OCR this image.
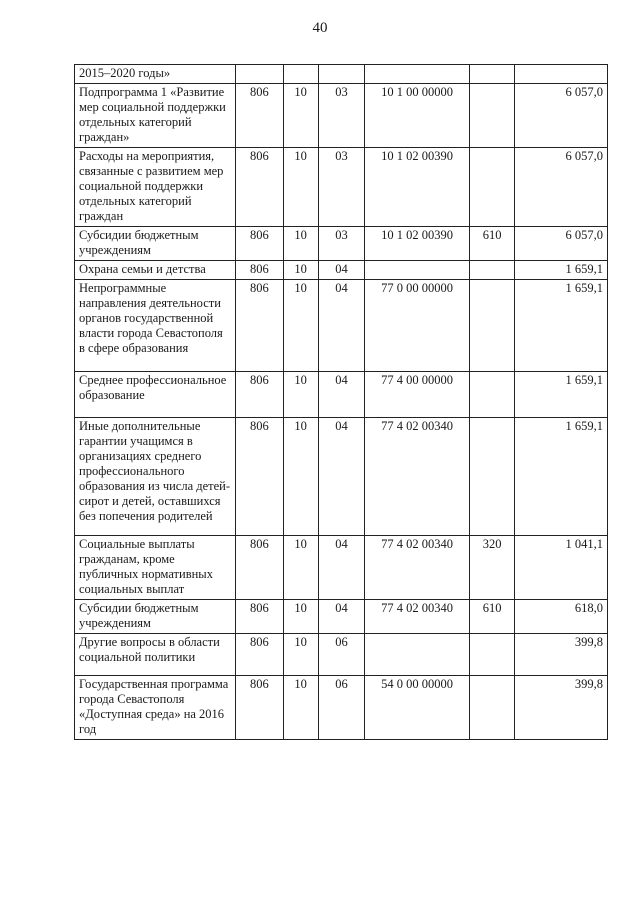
40
2015–2020 годы»						
Подпрограмма 1 «Развитие мер социальной поддержки отдельных категорий граждан»	806	10	03	10 1 00 00000		6 057,0
Расходы на мероприятия, связанные с развитием мер социальной поддержки отдельных категорий граждан	806	10	03	10 1 02 00390		6 057,0
Субсидии бюджетным учреждениям	806	10	03	10 1 02 00390	610	6 057,0
Охрана семьи и детства	806	10	04			1 659,1
Непрограммные направления деятельности органов государственной власти города Севастополя в сфере образования	806	10	04	77 0 00 00000		1 659,1
Среднее профессиональное образование	806	10	04	77 4 00 00000		1 659,1
Иные дополнительные гарантии учащимся в организациях среднего профессионального образования из числа детей-сирот и детей, оставшихся без попечения родителей	806	10	04	77 4 02 00340		1 659,1
Социальные выплаты гражданам, кроме публичных нормативных социальных выплат	806	10	04	77 4 02 00340	320	1 041,1
Субсидии бюджетным учреждениям	806	10	04	77 4 02 00340	610	618,0
Другие вопросы в области социальной политики	806	10	06			399,8
Государственная программа города Севастополя «Доступная среда» на 2016 год	806	10	06	54 0 00 00000		399,8
